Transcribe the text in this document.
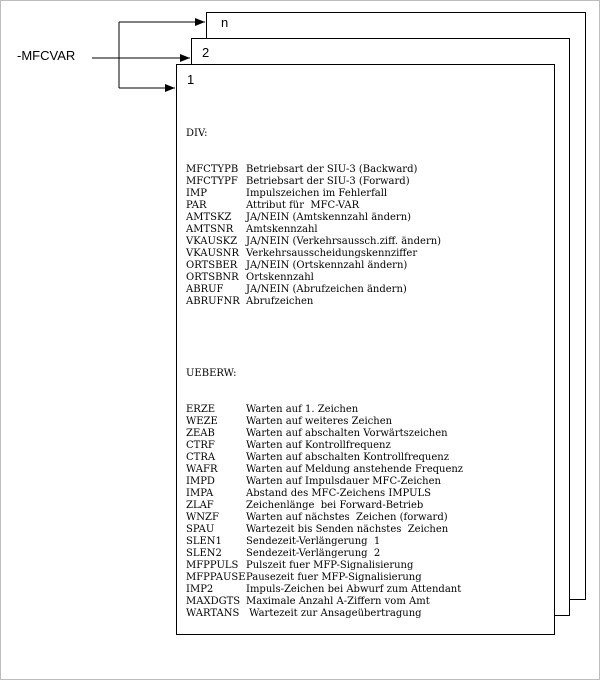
-MFCVAR
n
2
1

DIV:

MFCTYPB Betriebsart der SIU-3 (Backward)
MFCTYPF Betriebsart der SIU-3 (Forward)
IMP	Impulszeichen im Fehlerfall
PAR	Attribut für  MFC-VAR
AMTSKZ	JA/NEIN (Amtskennzahl ändern)
AMTSNR	Amtskennzahl
VKAUSKZ JA/NEIN (Verkehrsaussch.ziff. ändern)
VKAUSNR Verkehrsausscheidungskennziffer
ORTSBER JA/NEIN (Ortskennzahl ändern)
ORTSBNR Ortskennzahl
ABRUF	JA/NEIN (Abrufzeichen ändern)
ABRUFNR Abrufzeichen

UEBERW:

ERZE	Warten auf 1. Zeichen
WEZE	Warten auf weiteres Zeichen
ZEAB	Warten auf abschalten Vorwärtszeichen
CTRF	Warten auf Kontrollfrequenz
CTRA	Warten auf abschalten Kontrollfrequenz
WAFR	Warten auf Meldung anstehende Frequenz
IMPD	Warten auf Impulsdauer MFC-Zeichen
IMPA	Abstand des MFC-Zeichens IMPULS
ZLAF	Zeichenlänge  bei Forward-Betrieb
WNZF	Warten auf nächstes  Zeichen (forward)
SPAU	Wartezeit bis Senden nächstes  Zeichen
SLEN1	Sendezeit-Verlängerung  1
SLEN2	Sendezeit-Verlängerung  2
MFPPULS Pulszeit fuer MFP-Signalisierung
MFPPAUSE Pausezeit fuer MFP-Signalisierung
IMP2	Impuls-Zeichen bei Abwurf zum Attendant
MAXDGTS Maximale Anzahl A-Ziffern vom Amt
WARTANS Wartezeit zur Ansageübertragung
